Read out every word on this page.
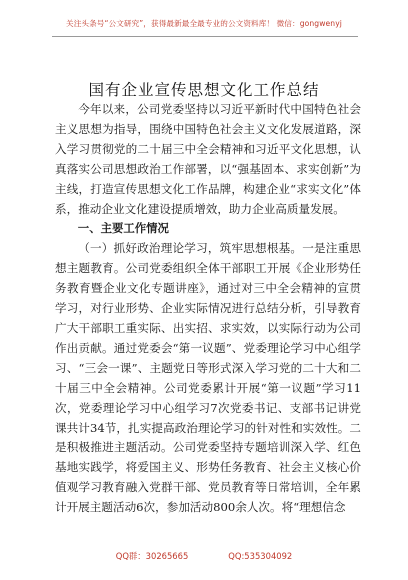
关注头条号“公文研究”，获得最新最全最专业的公文资料库！ 微信：gongwenyj
国有企业宣传思想文化工作总结

今年以来，公司党委坚持以习近平新时代中国特色社会主义思想为指导，围绕中国特色社会主义文化发展道路，深入学习贯彻党的二十届三中全会精神和习近平文化思想，认真落实公司思想政治工作部署，以“强基固本、求实创新”为主线，打造宣传思想文化工作品牌，构建企业“求实文化”体系，推动企业文化建设提质增效，助力企业高质量发展。

一、主要工作情况

（一）抓好政治理论学习，筑牢思想根基。一是注重思想主题教育。公司党委组织全体干部职工开展《企业形势任务教育暨企业文化专题讲座》，通过对三中全会精神的宣贯学习，对行业形势、企业实际情况进行总结分析，引导教育广大干部职工重实际、出实招、求实效，以实际行动为公司作出贡献。通过党委会“第一议题”、党委理论学习中心组学习、“三会一课”、主题党日等形式深入学习党的二十大和二十届三中全会精神。公司党委累计开展“第一议题”学习11次，党委理论学习中心组学习7次党委书记、支部书记讲党课共计34节，扎实提高政治理论学习的针对性和实效性。二是积极推进主题活动。公司党委坚持专题培训深入学、红色基地实践学，将爱国主义、形势任务教育、社会主义核心价值观学习教育融入党群干部、党员教育等日常培训，全年累计开展主题活动6次，参加活动800余人次。将“理想信念

QQ群：30265665	QQ:535304092
